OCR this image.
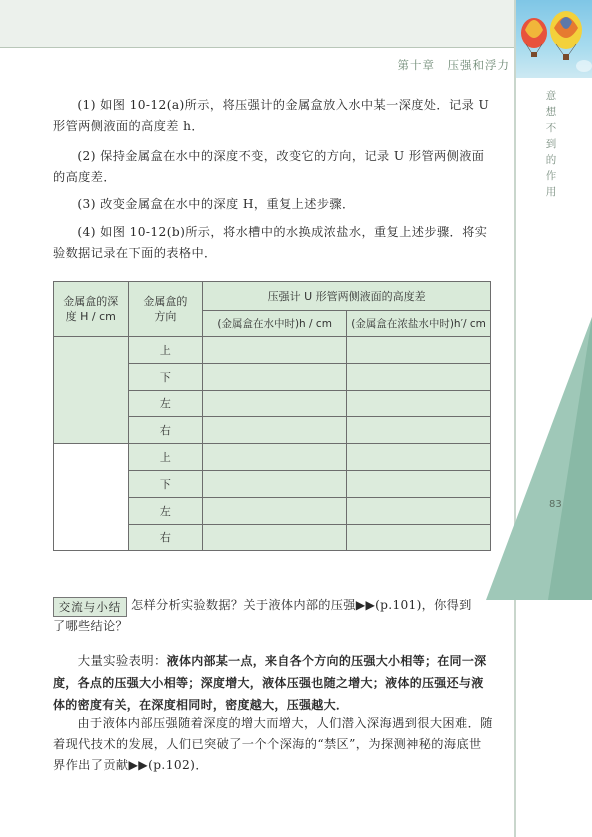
第十章　压强和浮力
意
想
不
到
的
作
用
83
(1) 如图 10-12(a)所示，将压强计的金属盒放入水中某一深度处．记录 U 形管两侧液面的高度差 h．
(2) 保持金属盒在水中的深度不变，改变它的方向，记录 U 形管两侧液面的高度差．
(3) 改变金属盒在水中的深度 H，重复上述步骤．
(4) 如图 10-12(b)所示，将水槽中的水换成浓盐水，重复上述步骤．将实验数据记录在下面的表格中．
金属盒的深度 H / cm	金属盒的方向	压强计 U 形管两侧液面的高度差	
		(金属盒在水中时)h / cm	(金属盒在浓盐水中时)h′/ cm
	上		
	下		
	左		
	右		
	上		
	下		
	左		
	右		
交流与小结 怎样分析实验数据？关于液体内部的压强▶▶(p.101)，你得到
了哪些结论？
大量实验表明：液体内部某一点，来自各个方向的压强大小相等；在同一深度，各点的压强大小相等；深度增大，液体压强也随之增大；液体的压强还与液体的密度有关，在深度相同时，密度越大，压强越大．
由于液体内部压强随着深度的增大而增大，人们潜入深海遇到很大困难．随着现代技术的发展，人们已突破了一个个深海的“禁区”，为探测神秘的海底世界作出了贡献▶▶(p.102)．
